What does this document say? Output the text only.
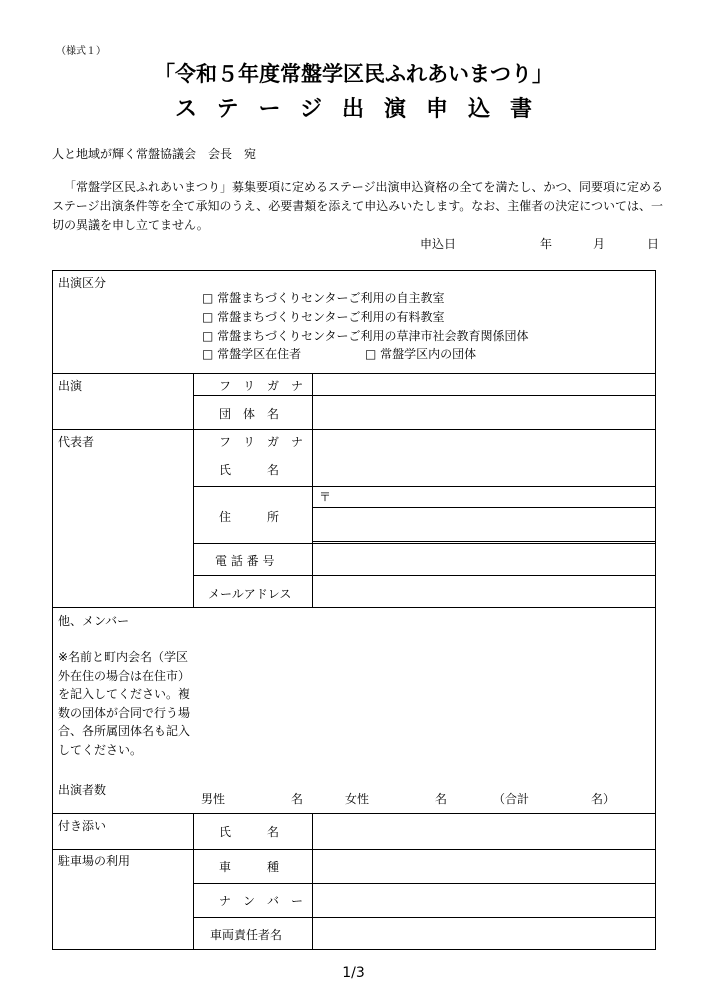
（様式１）
「令和５年度常盤学区民ふれあいまつり」
ステージ出演申込書
人と地域が輝く常盤協議会　会長　宛
「常盤学区民ふれあいまつり」募集要項に定めるステージ出演申込資格の全てを満たし、かつ、同要項に定めるステージ出演条件等を全て承知のうえ、必要書類を添えて申込みいたします。なお、主催者の決定については、一切の異議を申し立てません。
申込日	年	月	日
出演区分
□ 常盤まちづくりセンターご利用の自主教室
□ 常盤まちづくりセンターご利用の有料教室
□ 常盤まちづくりセンターご利用の草津市社会教育関係団体
□ 常盤学区在住者	□ 常盤学区内の団体
出演	フ　リ　ガ　ナ
団　体　名
代表者	フ　リ　ガ　ナ
氏　　　名
住　　　所
〒
電 話 番 号
メールアドレス
他、メンバー
※名前と町内会名（学区外在住の場合は在住市）を記入してください。複数の団体が合同で行う場合、各所属団体名も記入してください。
出演者数
男性	名	女性	名	（合計	名）
付き添い	氏　　　名
駐車場の利用	車　　　種
ナ　ン　バ　ー
車両責任者名
1/3
